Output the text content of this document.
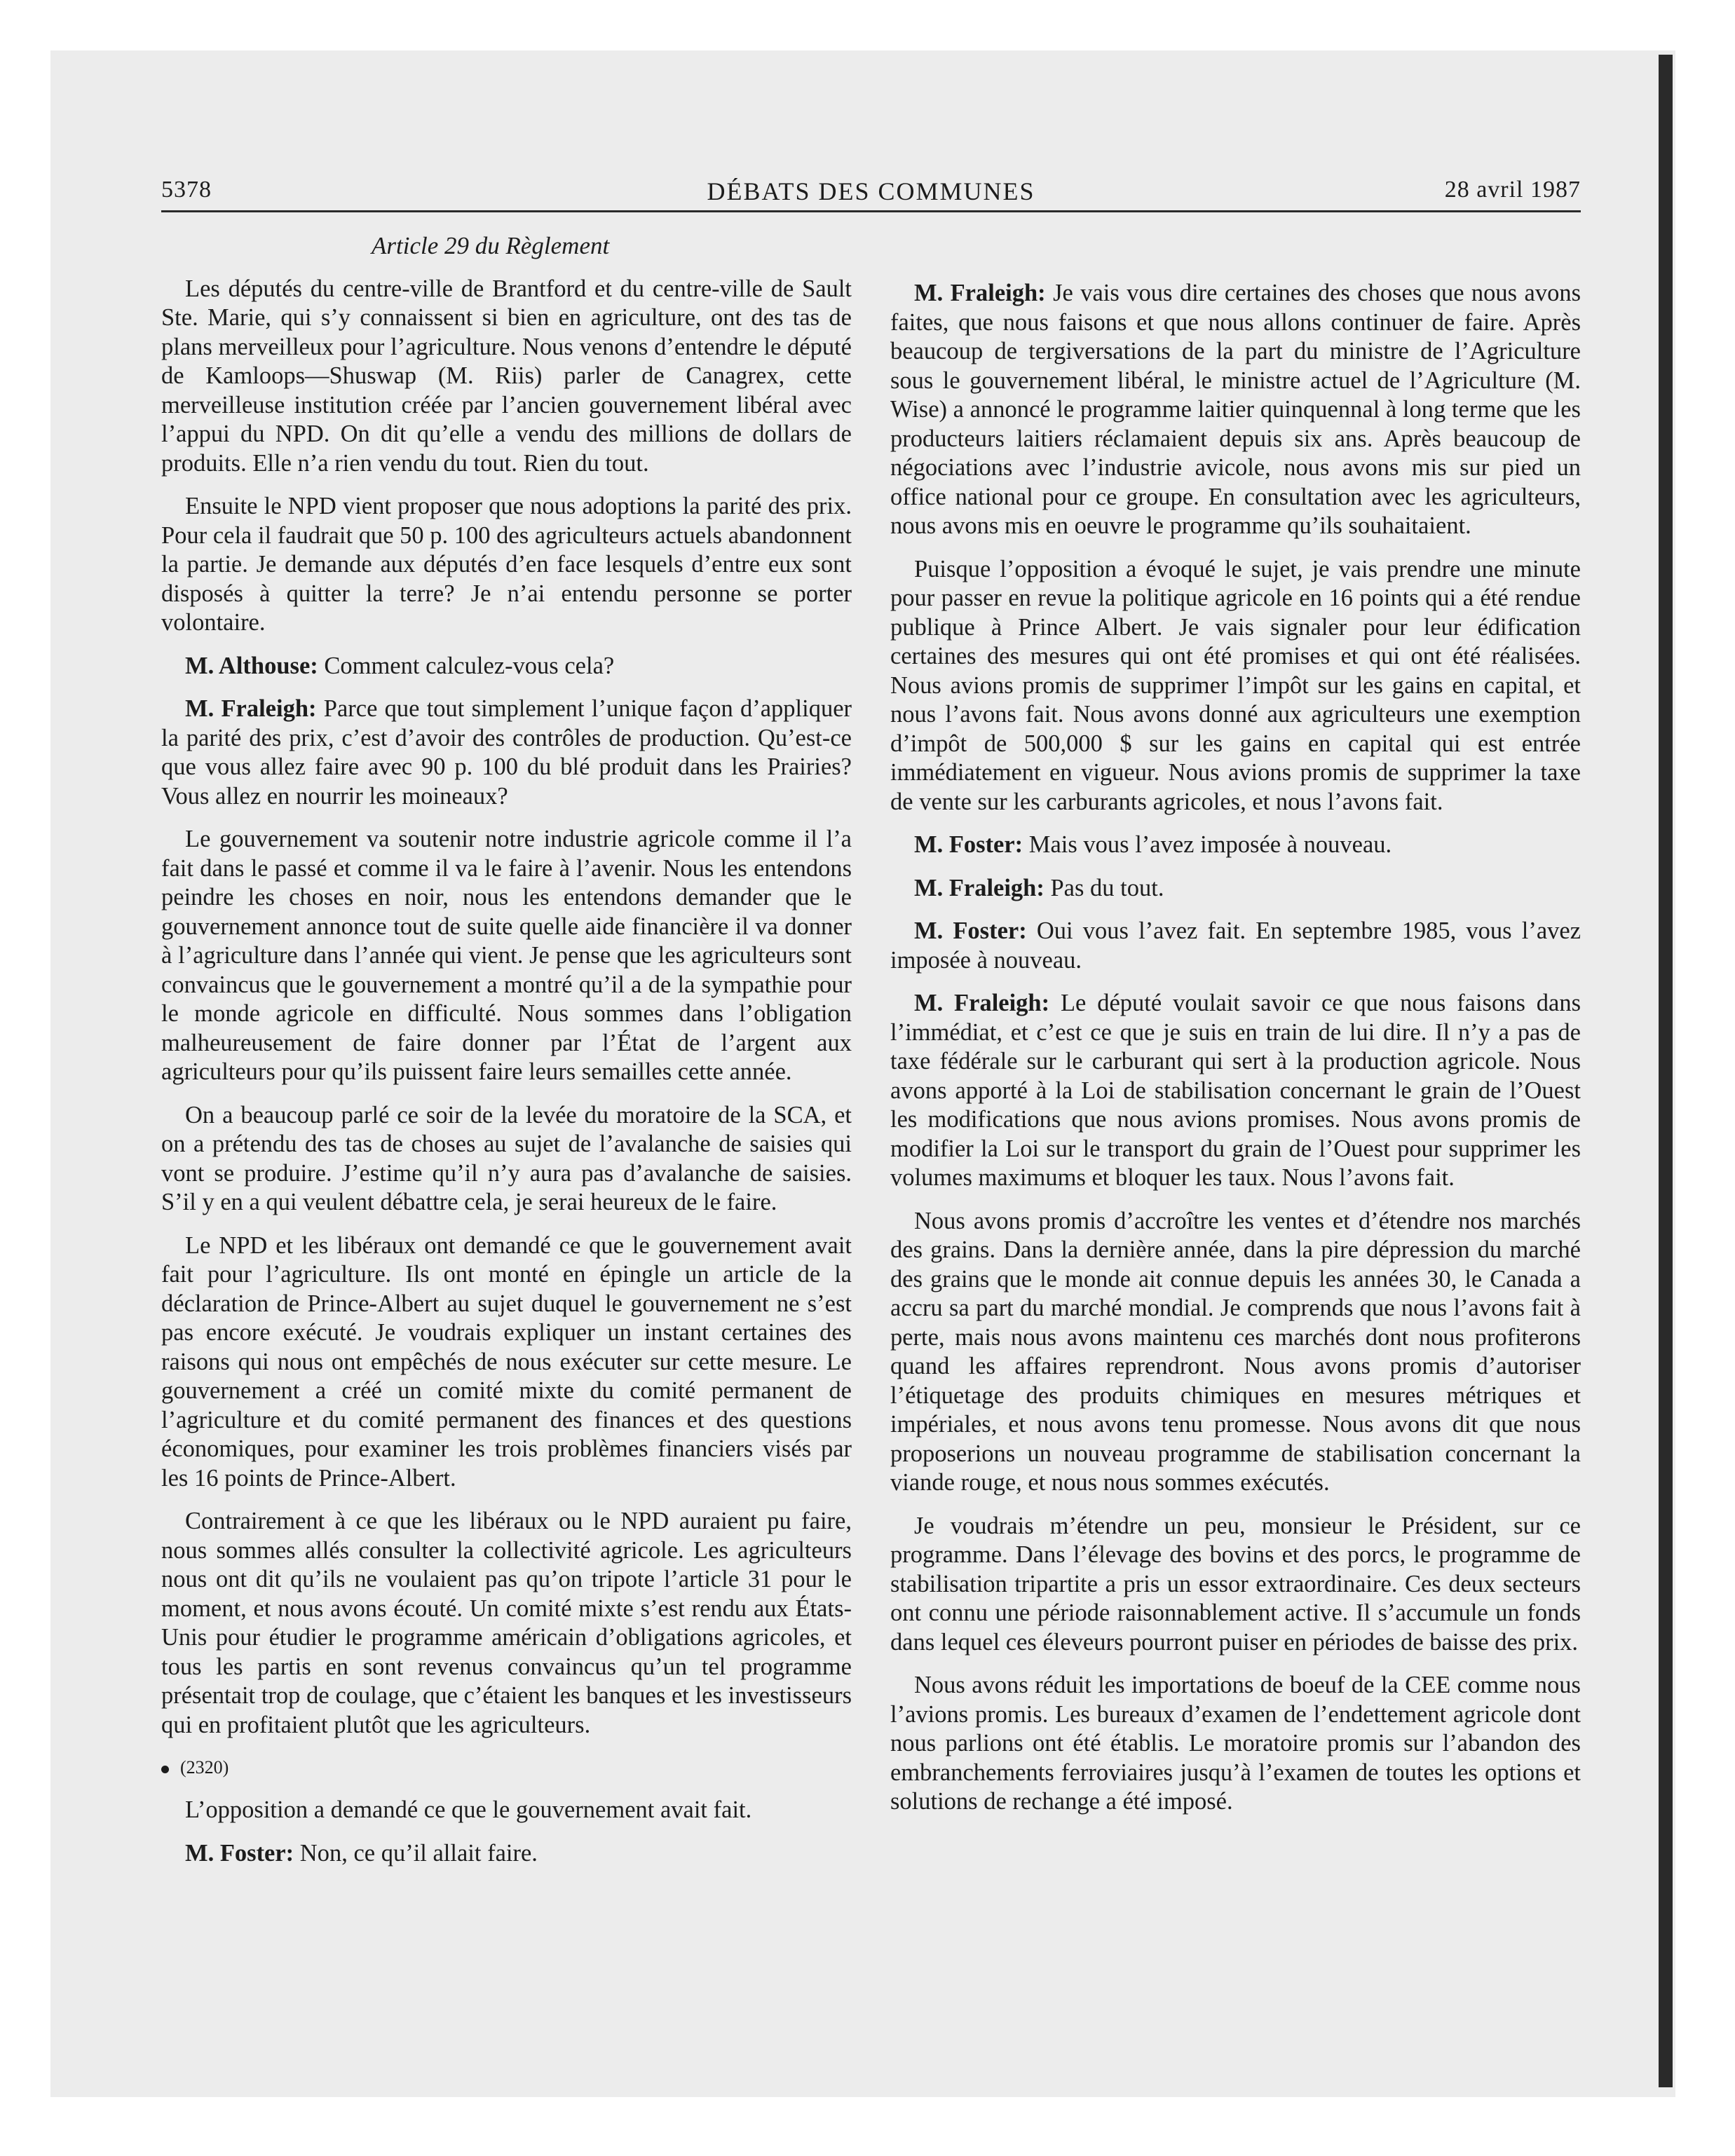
5378	DÉBATS DES COMMUNES	28 avril 1987

Article 29 du Règlement

Les députés du centre-ville de Brantford et du centre-ville de Sault Ste. Marie, qui s’y connaissent si bien en agriculture, ont des tas de plans merveilleux pour l’agriculture. Nous venons d’entendre le député de Kamloops—Shuswap (M. Riis) parler de Canagrex, cette merveilleuse institution créée par l’ancien gouvernement libéral avec l’appui du NPD. On dit qu’elle a vendu des millions de dollars de produits. Elle n’a rien vendu du tout. Rien du tout.

Ensuite le NPD vient proposer que nous adoptions la parité des prix. Pour cela il faudrait que 50 p. 100 des agriculteurs actuels abandonnent la partie. Je demande aux députés d’en face lesquels d’entre eux sont disposés à quitter la terre? Je n’ai entendu personne se porter volontaire.

M. Althouse: Comment calculez-vous cela?

M. Fraleigh: Parce que tout simplement l’unique façon d’appliquer la parité des prix, c’est d’avoir des contrôles de production. Qu’est-ce que vous allez faire avec 90 p. 100 du blé produit dans les Prairies? Vous allez en nourrir les moineaux?

Le gouvernement va soutenir notre industrie agricole comme il l’a fait dans le passé et comme il va le faire à l’avenir. Nous les entendons peindre les choses en noir, nous les entendons demander que le gouvernement annonce tout de suite quelle aide financière il va donner à l’agriculture dans l’année qui vient. Je pense que les agriculteurs sont convaincus que le gouvernement a montré qu’il a de la sympathie pour le monde agricole en difficulté. Nous sommes dans l’obligation malheureusement de faire donner par l’État de l’argent aux agriculteurs pour qu’ils puissent faire leurs semailles cette année.

On a beaucoup parlé ce soir de la levée du moratoire de la SCA, et on a prétendu des tas de choses au sujet de l’avalanche de saisies qui vont se produire. J’estime qu’il n’y aura pas d’avalanche de saisies. S’il y en a qui veulent débattre cela, je serai heureux de le faire.

Le NPD et les libéraux ont demandé ce que le gouvernement avait fait pour l’agriculture. Ils ont monté en épingle un article de la déclaration de Prince-Albert au sujet duquel le gouvernement ne s’est pas encore exécuté. Je voudrais expliquer un instant certaines des raisons qui nous ont empêchés de nous exécuter sur cette mesure. Le gouvernement a créé un comité mixte du comité permanent de l’agriculture et du comité permanent des finances et des questions économiques, pour examiner les trois problèmes financiers visés par les 16 points de Prince-Albert.

Contrairement à ce que les libéraux ou le NPD auraient pu faire, nous sommes allés consulter la collectivité agricole. Les agriculteurs nous ont dit qu’ils ne voulaient pas qu’on tripote l’article 31 pour le moment, et nous avons écouté. Un comité mixte s’est rendu aux États-Unis pour étudier le programme américain d’obligations agricoles, et tous les partis en sont revenus convaincus qu’un tel programme présentait trop de coulage, que c’étaient les banques et les investisseurs qui en profitaient plutôt que les agriculteurs.

(2320)

L’opposition a demandé ce que le gouvernement avait fait.

M. Foster: Non, ce qu’il allait faire.

M. Fraleigh: Je vais vous dire certaines des choses que nous avons faites, que nous faisons et que nous allons continuer de faire. Après beaucoup de tergiversations de la part du ministre de l’Agriculture sous le gouvernement libéral, le ministre actuel de l’Agriculture (M. Wise) a annoncé le programme laitier quinquennal à long terme que les producteurs laitiers réclamaient depuis six ans. Après beaucoup de négociations avec l’industrie avicole, nous avons mis sur pied un office national pour ce groupe. En consultation avec les agriculteurs, nous avons mis en oeuvre le programme qu’ils souhaitaient.

Puisque l’opposition a évoqué le sujet, je vais prendre une minute pour passer en revue la politique agricole en 16 points qui a été rendue publique à Prince Albert. Je vais signaler pour leur édification certaines des mesures qui ont été promises et qui ont été réalisées. Nous avions promis de supprimer l’impôt sur les gains en capital, et nous l’avons fait. Nous avons donné aux agriculteurs une exemption d’impôt de 500,000 $ sur les gains en capital qui est entrée immédiatement en vigueur. Nous avions promis de supprimer la taxe de vente sur les carburants agricoles, et nous l’avons fait.

M. Foster: Mais vous l’avez imposée à nouveau.

M. Fraleigh: Pas du tout.

M. Foster: Oui vous l’avez fait. En septembre 1985, vous l’avez imposée à nouveau.

M. Fraleigh: Le député voulait savoir ce que nous faisons dans l’immédiat, et c’est ce que je suis en train de lui dire. Il n’y a pas de taxe fédérale sur le carburant qui sert à la production agricole. Nous avons apporté à la Loi de stabilisation concernant le grain de l’Ouest les modifications que nous avions promises. Nous avons promis de modifier la Loi sur le transport du grain de l’Ouest pour supprimer les volumes maximums et bloquer les taux. Nous l’avons fait.

Nous avons promis d’accroître les ventes et d’étendre nos marchés des grains. Dans la dernière année, dans la pire dépression du marché des grains que le monde ait connue depuis les années 30, le Canada a accru sa part du marché mondial. Je comprends que nous l’avons fait à perte, mais nous avons maintenu ces marchés dont nous profiterons quand les affaires reprendront. Nous avons promis d’autoriser l’étiquetage des produits chimiques en mesures métriques et impériales, et nous avons tenu promesse. Nous avons dit que nous proposerions un nouveau programme de stabilisation concernant la viande rouge, et nous nous sommes exécutés.

Je voudrais m’étendre un peu, monsieur le Président, sur ce programme. Dans l’élevage des bovins et des porcs, le programme de stabilisation tripartite a pris un essor extraordinaire. Ces deux secteurs ont connu une période raisonnablement active. Il s’accumule un fonds dans lequel ces éleveurs pourront puiser en périodes de baisse des prix.

Nous avons réduit les importations de boeuf de la CEE comme nous l’avions promis. Les bureaux d’examen de l’endettement agricole dont nous parlions ont été établis. Le moratoire promis sur l’abandon des embranchements ferroviaires jusqu’à l’examen de toutes les options et solutions de rechange a été imposé.
